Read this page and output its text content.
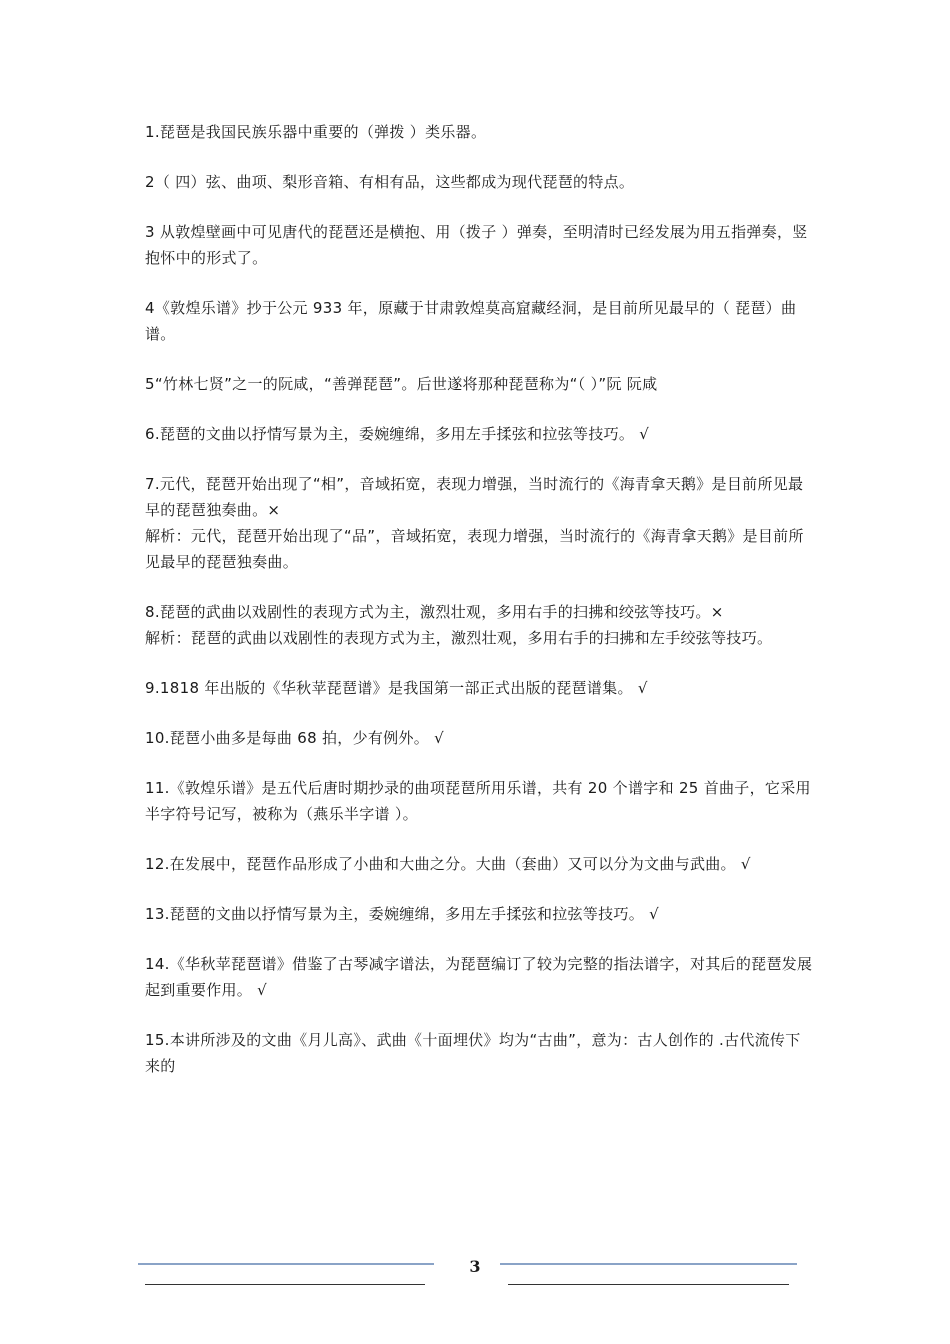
1.琵琶是我国民族乐器中重要的（弹拨 ）类乐器。

2（ 四）弦、曲项、梨形音箱、有相有品，这些都成为现代琵琶的特点。

3 从敦煌壁画中可见唐代的琵琶还是横抱、用（拨子 ）弹奏，至明清时已经发展为用五指弹奏，竖抱怀中的形式了。

4《敦煌乐谱》抄于公元 933 年，原藏于甘肃敦煌莫高窟藏经洞，是目前所见最早的（ 琵琶）曲谱。

5“竹林七贤”之一的阮咸，“善弹琵琶”。后世遂将那种琵琶称为“（ ）”阮 阮咸

6.琵琶的文曲以抒情写景为主，委婉缠绵，多用左手揉弦和拉弦等技巧。 √

7.元代，琵琶开始出现了“相”，音域拓宽，表现力增强，当时流行的《海青拿天鹅》是目前所见最早的琵琶独奏曲。×

解析：元代，琵琶开始出现了“品”，音域拓宽，表现力增强，当时流行的《海青拿天鹅》是目前所见最早的琵琶独奏曲。

8.琵琶的武曲以戏剧性的表现方式为主，激烈壮观，多用右手的扫拂和绞弦等技巧。×

解析：琵琶的武曲以戏剧性的表现方式为主，激烈壮观，多用右手的扫拂和左手绞弦等技巧。

9.1818 年出版的《华秋苹琵琶谱》是我国第一部正式出版的琵琶谱集。 √

10.琵琶小曲多是每曲 68 拍，少有例外。 √

11.《敦煌乐谱》是五代后唐时期抄录的曲项琵琶所用乐谱，共有 20 个谱字和 25 首曲子，它采用半字符号记写，被称为（燕乐半字谱 ）。

12.在发展中，琵琶作品形成了小曲和大曲之分。大曲（套曲）又可以分为文曲与武曲。 √

13.琵琶的文曲以抒情写景为主，委婉缠绵，多用左手揉弦和拉弦等技巧。 √

14.《华秋苹琵琶谱》借鉴了古琴减字谱法，为琵琶编订了较为完整的指法谱字，对其后的琵琶发展起到重要作用。 √

15.本讲所涉及的文曲《月儿高》、武曲《十面埋伏》均为“古曲”，意为：古人创作的 .古代流传下来的

3
